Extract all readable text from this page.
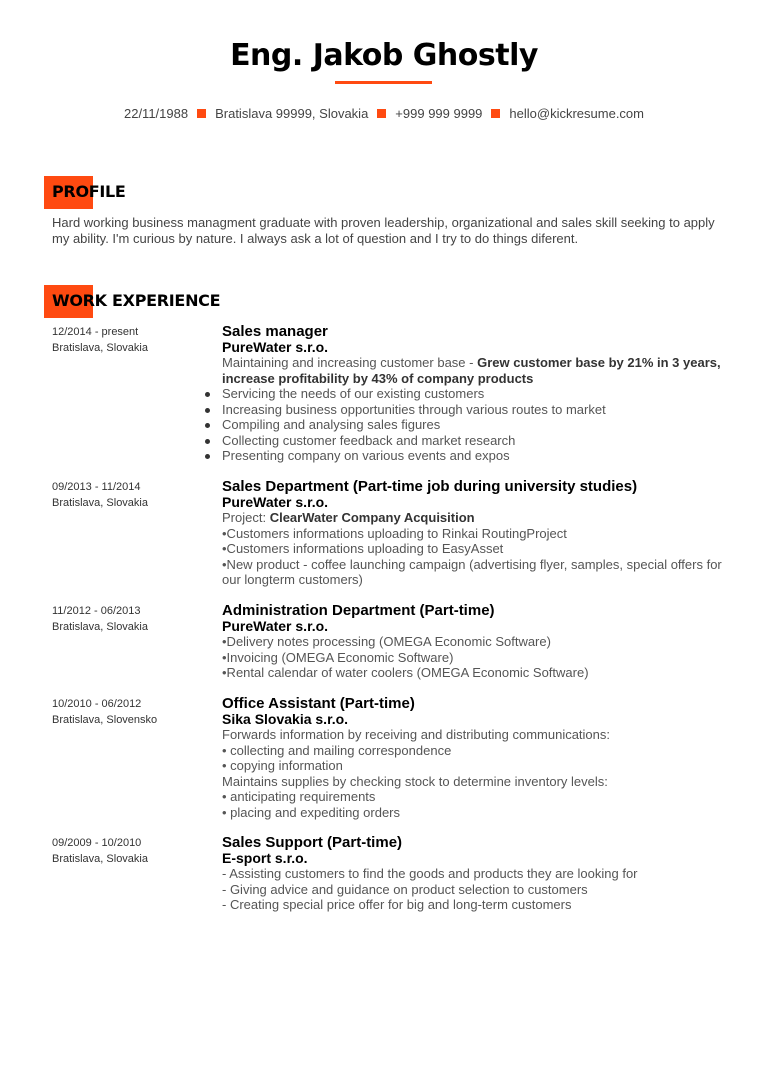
Eng. Jakob Ghostly
22/11/1988 Bratislava 99999, Slovakia +999 999 9999 hello@kickresume.com
PROFILE
Hard working business managment graduate with proven leadership, organizational and sales skill seeking to apply my ability. I'm curious by nature. I always ask a lot of question and I try to do things diferent.
WORK EXPERIENCE
12/2014 - present
Bratislava, Slovakia
Sales manager
PureWater s.r.o.
Maintaining and increasing customer base - Grew customer base by 21% in 3 years, increase profitability by 43% of company products
Servicing the needs of our existing customers
Increasing business opportunities through various routes to market
Compiling and analysing sales figures
Collecting customer feedback and market research
Presenting company on various events and expos
09/2013 - 11/2014
Bratislava, Slovakia
Sales Department (Part-time job during university studies)
PureWater s.r.o.
Project: ClearWater Company Acquisition
•Customers informations uploading to Rinkai RoutingProject
•Customers informations uploading to EasyAsset
•New product - coffee launching campaign (advertising flyer, samples, special offers for our longterm customers)
11/2012 - 06/2013
Bratislava, Slovakia
Administration Department (Part-time)
PureWater s.r.o.
•Delivery notes processing (OMEGA Economic Software)
•Invoicing (OMEGA Economic Software)
•Rental calendar of water coolers (OMEGA Economic Software)
10/2010 - 06/2012
Bratislava, Slovensko
Office Assistant (Part-time)
Sika Slovakia s.r.o.
Forwards information by receiving and distributing communications:
• collecting and mailing correspondence
• copying information
Maintains supplies by checking stock to determine inventory levels:
• anticipating requirements
• placing and expediting orders
09/2009 - 10/2010
Bratislava, Slovakia
Sales Support (Part-time)
E-sport s.r.o.
- Assisting customers to find the goods and products they are looking for
- Giving advice and guidance on product selection to customers
- Creating special price offer for big and long-term customers
